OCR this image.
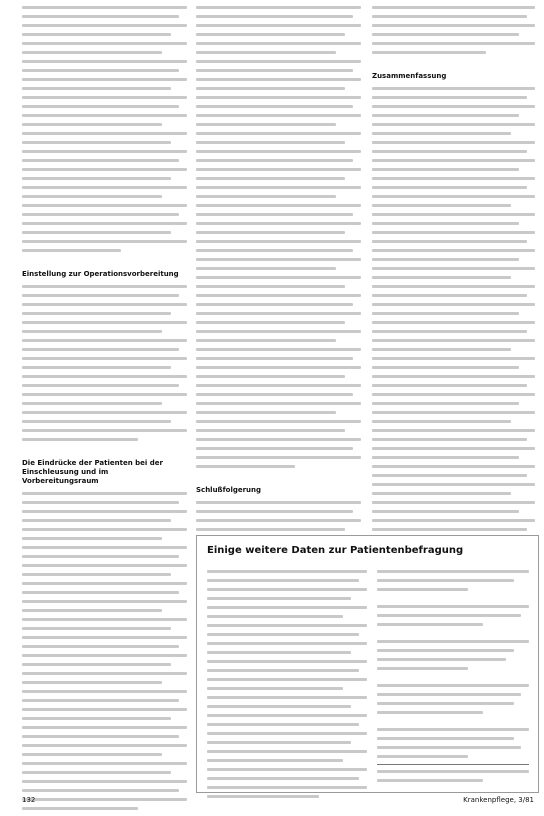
Einstellung zur Operationsvorbereitung
Die Eindrücke der Patienten bei der Einschleusung und im Vorbereitungsraum
Schlußfolgerung
Zusammenfassung
Einige weitere Daten zur Patientenbefragung
132	Krankenpflege, 3/81
